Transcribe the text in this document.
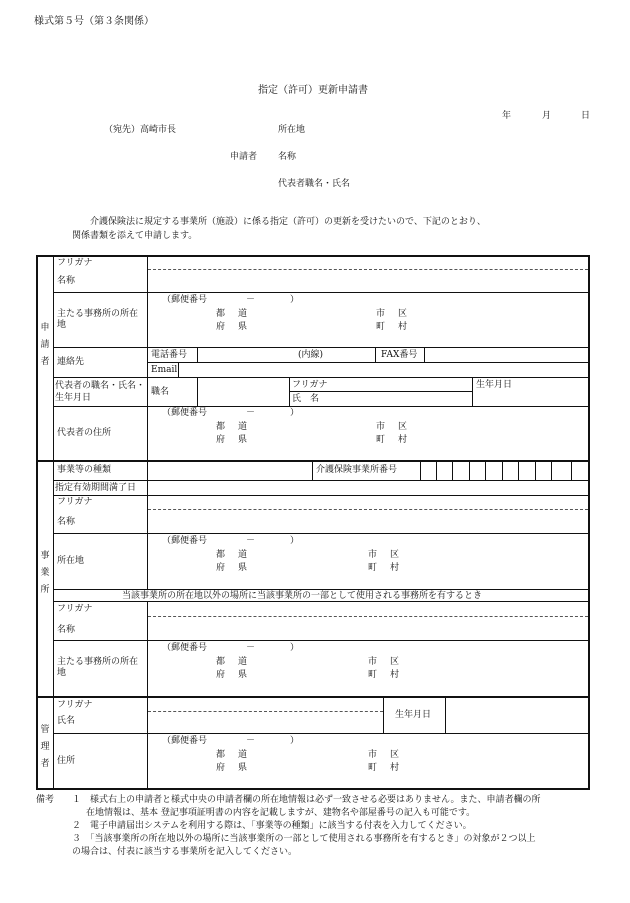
様式第５号（第３条関係）
指定（許可）更新申請書
年	月	日
（宛先）高崎市長	所在地
申請者 名称
代表者職名・氏名
介護保険法に規定する事業所（施設）に係る指定（許可）の更新を受けたいので、下記のとおり、
関係書類を添えて申請します。
申請者
フリガナ
名称
主たる事務所の所在地
（郵便番号	－	）
都 道
府 県
市 区
町 村
連絡先
電話番号	(内線)	FAX番号
Email
代表者の職名・氏名・生年月日
職名
フリガナ
氏　名
生年月日
代表者の住所
（郵便番号	－	）
都 道
府 県
市 区
町 村
事業所
事業等の種類	介護保険事業所番号
指定有効期間満了日
フリガナ
名称
所在地
（郵便番号	－	）
都 道
府 県
市 区
町 村
当該事業所の所在地以外の場所に当該事業所の一部として使用される事務所を有するとき
フリガナ
名称
主たる事務所の所在地
（郵便番号	－	）
都 道
府 県
市 区
町 村
管理者
フリガナ
氏名
生年月日
住所
（郵便番号	－	）
都 道
府 県
市 区
町 村
備考 １　様式右上の申請者と様式中央の申請者欄の所在地情報は必ず一致させる必要はありません。また、申請者欄の所
在地情報は、基本 登記事項証明書の内容を記載しますが、建物名や部屋番号の記入も可能です。
２　電子申請届出システムを利用する際は、「事業等の種類」に該当する付表を入力してください。
３　「当該事業所の所在地以外の場所に当該事業所の一部として使用される事務所を有するとき」の対象が２つ以上
の場合は、付表に該当する事業所を記入してください。
